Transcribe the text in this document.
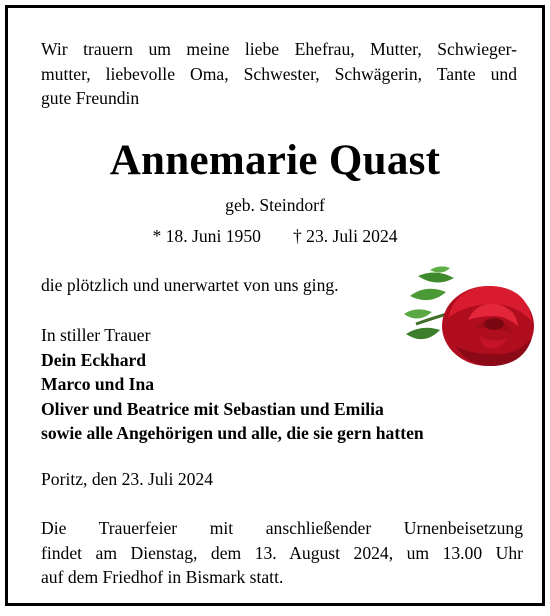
Wir trauern um meine liebe Ehefrau, Mutter, Schwieger-
mutter, liebevolle Oma, Schwester, Schwägerin, Tante und
gute Freundin

Annemarie Quast

geb. Steindorf

* 18. Juni 1950 † 23. Juli 2024

die plötzlich und unerwartet von uns ging.

In stiller Trauer
Dein Eckhard
Marco und Ina
Oliver und Beatrice mit Sebastian und Emilia
sowie alle Angehörigen und alle, die sie gern hatten

Poritz, den 23. Juli 2024

Die Trauerfeier mit anschließender Urnenbeisetzung
findet am Dienstag, dem 13. August 2024, um 13.00 Uhr
auf dem Friedhof in Bismark statt.
